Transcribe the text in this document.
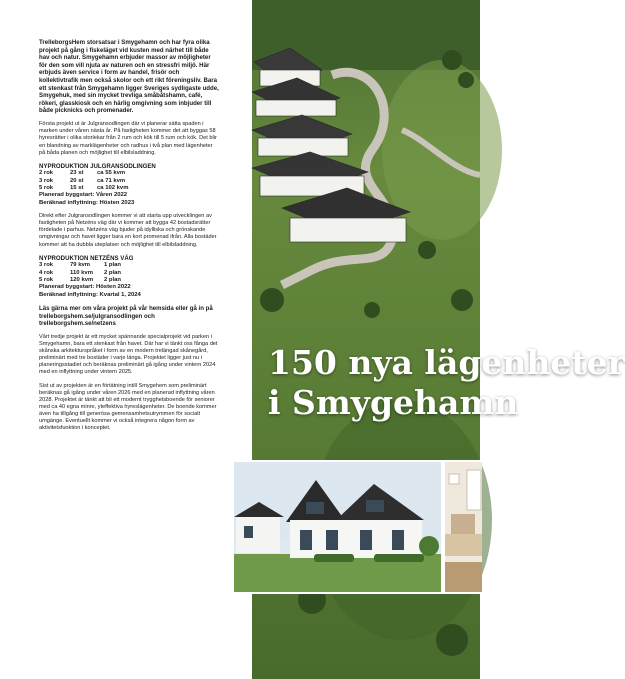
TrelleborgsHem storsatsar i Smygehamn och har fyra olika projekt på gång i fiskeläget vid kusten med närhet till både hav och natur. Smygehamn erbjuder massor av möjligheter för den som vill njuta av naturen och en stressfri miljö. Här erbjuds även service i form av handel, frisör och kollektivtrafik men också skolor och ett rikt föreningsliv. Bara ett stenkast från Smygehamn ligger Sveriges sydligaste udde, Smygehuk, med sin mycket trevliga småbåtshamn, café, rökeri, glasskiosk och en härlig omgivning som inbjuder till både picknicks och promenader.

Första projekt ut är Julgransodlingen där vi planerar sätta spaden i marken under våren nästa år. På fastigheten kommer det att byggas 58 hyresrätter i olika storlekar från 2 rum och kök till 5 rum och kök. Det blir en blandning av marklägenheter och radhus i två plan med lägenheter på båda planen och möjlighet till elbilsladdning.

NYPRODUKTION JULGRANSODLINGEN
2 rok	23 st	ca 55 kvm
3 rok	20 st	ca 71 kvm
5 rok	15 st	ca 102 kvm
Planerad byggstart: Våren 2022
Beräknad inflyttning: Hösten 2023

Direkt efter Julgransodlingen kommer vi att starta upp utvecklingen av fastigheten på Netzéns väg där vi kommer att bygga 42 bostadsrätter fördelade i parhus. Netzéns väg bjuder på idylliska och grönskande omgivningar och havet ligger bara en kort promenad ifrån. Alla bostäder kommer att ha dubbla uteplatser och möjlighet till elbilsladdning.

NYPRODUKTION NETZÉNS VÄG
3 rok	79 kvm	1 plan
4 rok	110 kvm	2 plan
5 rok	120 kvm	2 plan
Planerad byggstart: Hösten 2022
Beräknad inflyttning: Kvartal 1, 2024

Läs gärna mer om våra projekt på vår hemsida eller gå in på trelleborgshem.se/julgransodlingen och trelleborgshem.se/netzens

Vårt tredje projekt är ett mycket spännande specialprojekt vid parken i Smygehamn, bara ett stenkast från havet. Där har vi tänkt oss fånga det skånska arkitekturspråket i form av en modern trelängad skånegård, preliminärt med tre bostäder i varje länga. Projektet ligger just nu i planeringsstadiet och beräknas preliminärt gå igång under vintern 2024 med en inflyttning under vintern 2025.

Sist ut av projekten är en förtätning intill Smygehem som preliminärt beräknas gå igång under våren 2026 med en planerad inflyttning våren 2028. Projektet är tänkt att bli ett modernt trygghetsboende för seniorer med ca 40 egna minre, yteffektiva hyreslägenheter. De boende kommer även ha tillgång till generösa gemensamhetsutrymmen för socialt umgänge. Eventuellt kommer vi också integrera någon form av aktivitetsfunktion i konceptet.

150 nya lägenheter
i Smygehamn
